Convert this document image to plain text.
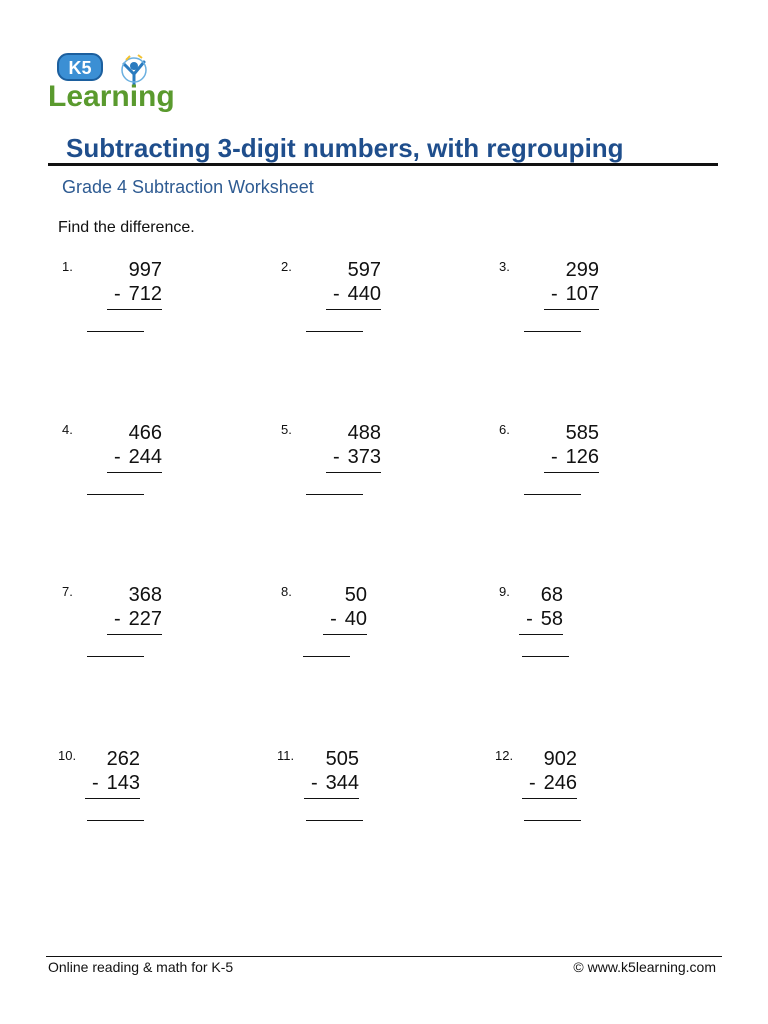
K5
Learning
Subtracting 3-digit numbers, with regrouping
Grade 4 Subtraction Worksheet
Find the difference.
1.	997
- 712
2.	597
- 440
3.	299
- 107
4.	466
- 244
5.	488
- 373
6.	585
- 126
7.	368
- 227
8.	50
- 40
9. 68
- 58
10. 262
- 143
11. 505
- 344
12. 902
- 246
Online reading & math for K-5	© www.k5learning.com
